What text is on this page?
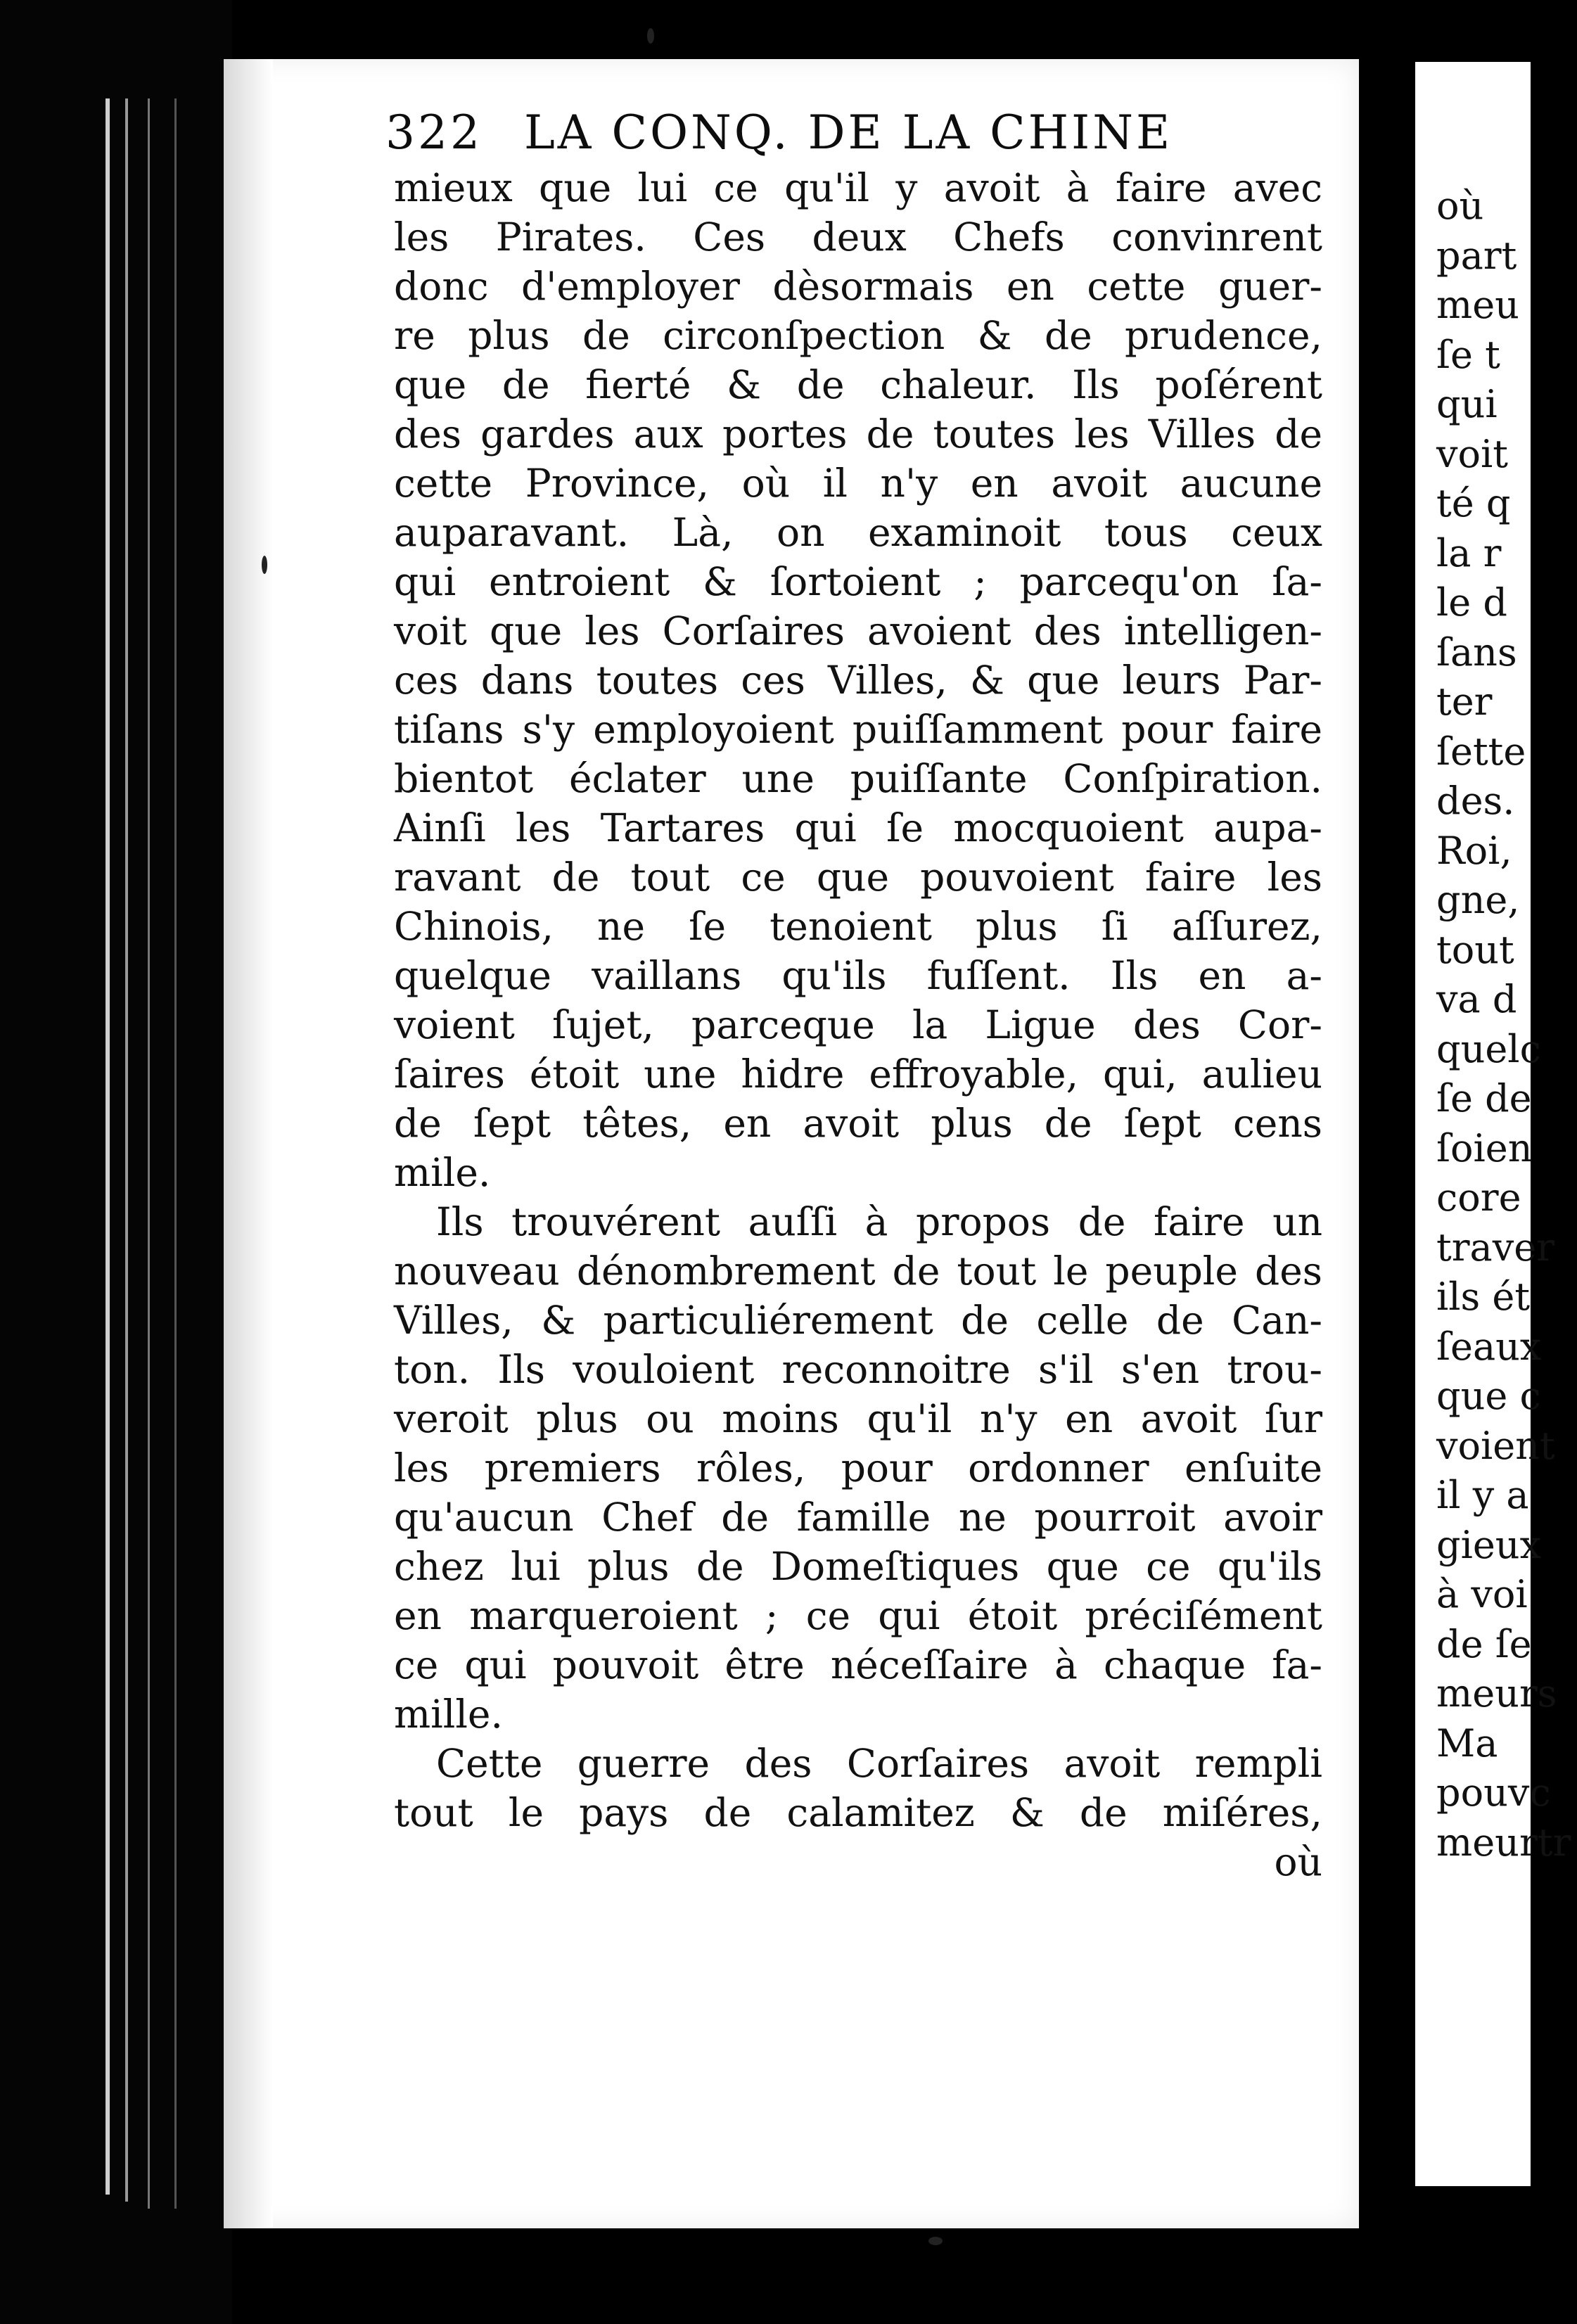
322 LA CONQ. DE LA CHINE
mieux que lui ce qu'il y avoit à faire avec
les Pirates. Ces deux Chefs convinrent
donc d'employer dèsormais en cette guer-
re plus de circonſpection & de prudence,
que de fierté & de chaleur. Ils poſérent
des gardes aux portes de toutes les Villes de
cette Province, où il n'y en avoit aucune
auparavant. Là, on examinoit tous ceux
qui entroient & ſortoient ; parcequ'on ſa-
voit que les Corſaires avoient des intelligen-
ces dans toutes ces Villes, & que leurs Par-
tiſans s'y employoient puiſſamment pour faire
bientot éclater une puiſſante Conſpiration.
Ainſi les Tartares qui ſe mocquoient aupa-
ravant de tout ce que pouvoient faire les
Chinois, ne ſe tenoient plus ſi aſſurez,
quelque vaillans qu'ils fuſſent. Ils en a-
voient ſujet, parceque la Ligue des Cor-
ſaires étoit une hidre effroyable, qui, aulieu
de ſept têtes, en avoit plus de ſept cens
mile.
Ils trouvérent auſſi à propos de faire un
nouveau dénombrement de tout le peuple des
Villes, & particuliérement de celle de Can-
ton. Ils vouloient reconnoitre s'il s'en trou-
veroit plus ou moins qu'il n'y en avoit ſur
les premiers rôles, pour ordonner enſuite
qu'aucun Chef de famille ne pourroit avoir
chez lui plus de Domeſtiques que ce qu'ils
en marqueroient ; ce qui étoit préciſément
ce qui pouvoit être néceſſaire à chaque fa-
mille.
Cette guerre des Corſaires avoit rempli
tout le pays de calamitez & de miſéres,
où
où
part
meu
ſe t
qui
voit
té q
la r
le d
ſans
ter
ſette
des.
Roi,
gne,
tout
va d
quelc
ſe de
ſoien
core
traver
ils ét
ſeaux
que c
voient
il y a
gieux
à voi
de ſe
meurs
Ma
pouvc
meurtr
